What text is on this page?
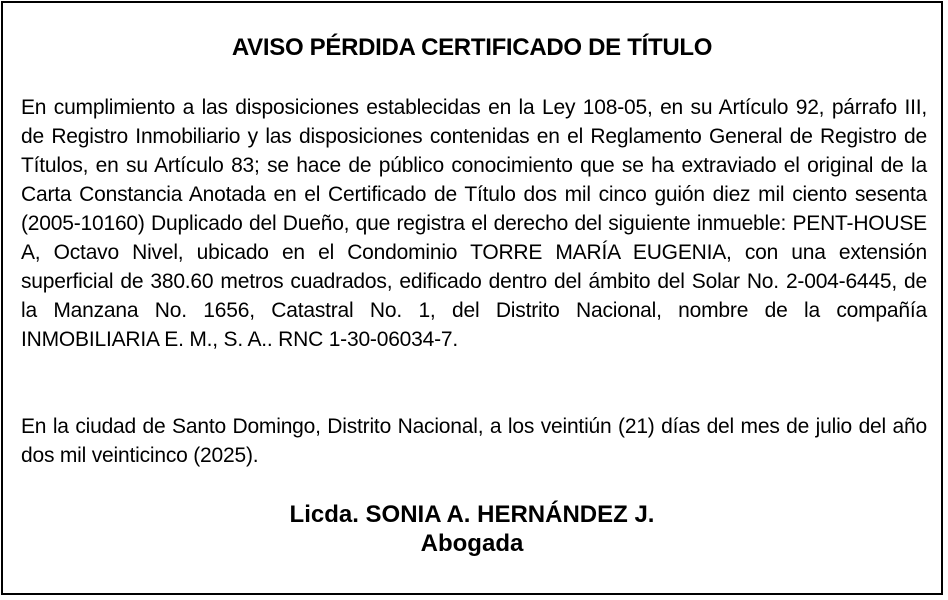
AVISO PÉRDIDA CERTIFICADO DE TÍTULO

En cumplimiento a las disposiciones establecidas en la Ley 108-05, en su Artículo 92, párrafo III, de Registro Inmobiliario y las disposiciones contenidas en el Reglamento General de Registro de Títulos, en su Artículo 83; se hace de público conocimiento que se ha extraviado el original de la Carta Constancia Anotada en el Certificado de Título dos mil cinco guión diez mil ciento sesenta (2005-10160) Duplicado del Dueño, que registra el derecho del siguiente inmueble: PENT-HOUSE A, Octavo Nivel, ubicado en el Condominio TORRE MARÍA EUGENIA, con una extensión superficial de 380.60 metros cuadrados, edificado dentro del ámbito del Solar No. 2-004-6445, de la Manzana No. 1656, Catastral No. 1, del Distrito Nacional, nombre de la compañía INMOBILIARIA E. M., S. A.. RNC 1-30-06034-7.

En la ciudad de Santo Domingo, Distrito Nacional, a los veintiún (21) días del mes de julio del año dos mil veinticinco (2025).

Licda. SONIA A. HERNÁNDEZ J.
Abogada
